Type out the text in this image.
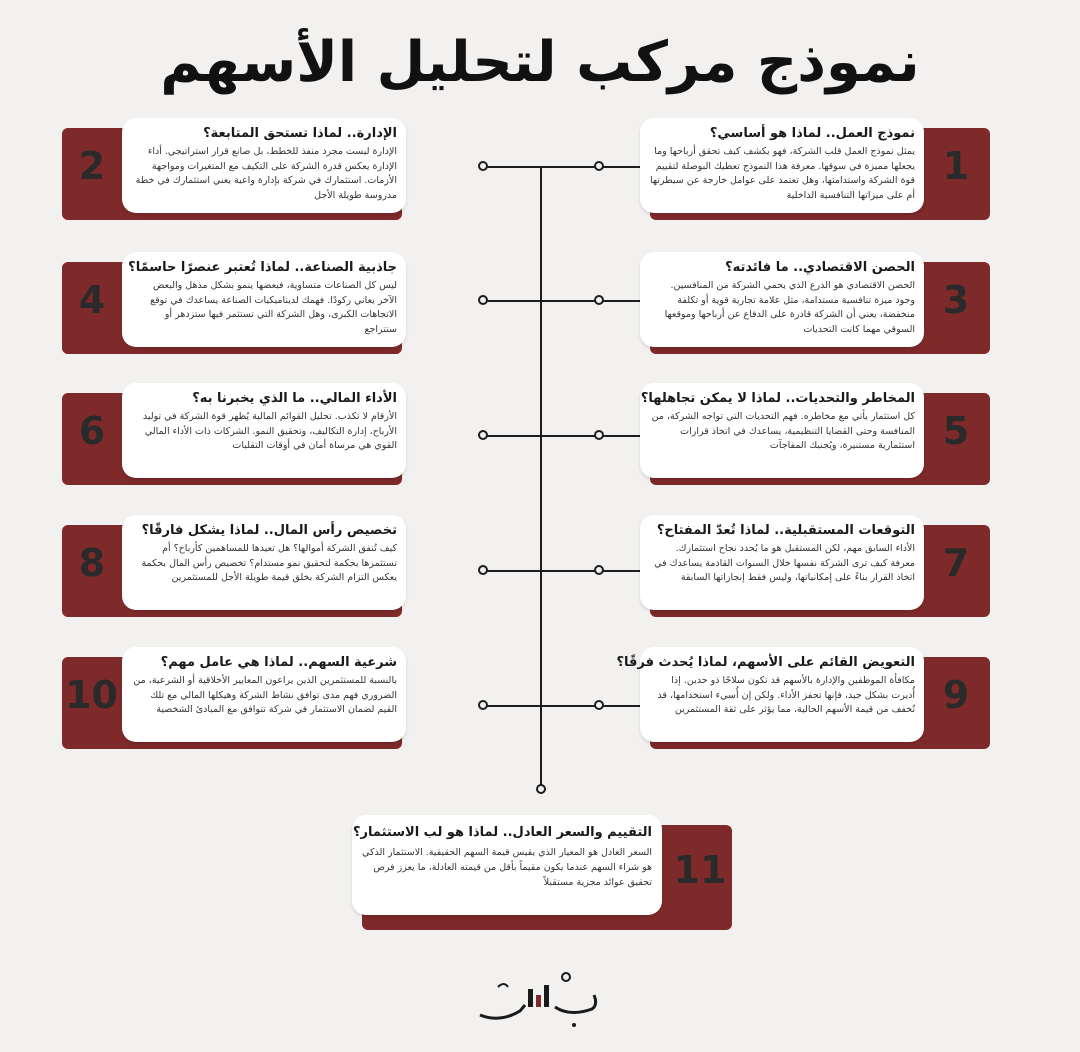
نموذج مركب لتحليل الأسهم
1
نموذج العمل.. لماذا هو أساسي؟
يمثل نموذج العمل قلب الشركة، فهو يكشف كيف تحقق أرباحها وما يجعلها مميزة في سوقها. معرفة هذا النموذج تعطيك البوصلة لتقييم قوة الشركة واستدامتها، وهل تعتمد على عوامل خارجة عن سيطرتها أم على ميزاتها التنافسية الداخلية
3
الحصن الاقتصادي.. ما فائدته؟
الحصن الاقتصادي هو الدرع الذي يحمي الشركة من المنافسين. وجود ميزة تنافسية مستدامة، مثل علامة تجارية قوية أو تكلفة منخفضة، يعني أن الشركة قادرة على الدفاع عن أرباحها وموقعها السوقي مهما كانت التحديات
5
المخاطر والتحديات.. لماذا لا يمكن تجاهلها؟
كل استثمار يأتي مع مخاطره. فهم التحديات التي تواجه الشركة، من المنافسة وحتى القضايا التنظيمية، يساعدك في اتخاذ قرارات استثمارية مستنيرة، ويُجنبك المفاجآت
7
التوقعات المستقبلية.. لماذا تُعدّ المفتاح؟
الأداء السابق مهم، لكن المستقبل هو ما يُحدد نجاح استثمارك. معرفة كيف ترى الشركة نفسها خلال السنوات القادمة يساعدك في اتخاذ القرار بناءً على إمكانياتها، وليس فقط إنجازاتها السابقة
9
التعويض القائم على الأسهم، لماذا يُحدث فرقًا؟
مكافأة الموظفين والإدارة بالأسهم قد تكون سلاحًا ذو حدين. إذا أُديرت بشكل جيد، فإنها تحفز الأداء. ولكن إن أُسيء استخدامها، قد تُخفف من قيمة الأسهم الحالية، مما يؤثر على ثقة المستثمرين
2
الإدارة.. لماذا تستحق المتابعة؟
الإدارة ليست مجرد منفذ للخطط، بل صانع قرار استراتيجي. أداء الإدارة يعكس قدرة الشركة على التكيف مع المتغيرات ومواجهة الأزمات. استثمارك في شركة بإدارة واعية يعني استثمارك في خطة مدروسة طويلة الأجل
4
جاذبية الصناعة.. لماذا تُعتبر عنصرًا حاسمًا؟
ليس كل الصناعات متساوية، فبعضها ينمو بشكل مذهل والبعض الآخر يعاني ركودًا. فهمك لديناميكيات الصناعة يساعدك في توقع الاتجاهات الكبرى، وهل الشركة التي تستثمر فيها ستزدهر أو ستتراجع
6
الأداء المالي.. ما الذي يخبرنا به؟
الأرقام لا تكذب. تحليل القوائم المالية يُظهر قوة الشركة في توليد الأرباح، إدارة التكاليف، وتحقيق النمو. الشركات ذات الأداء المالي القوي هي مرساة أمان في أوقات التقلبات
8
تخصيص رأس المال.. لماذا يشكل فارقًا؟
كيف تُنفق الشركة أموالها؟ هل تعيدها للمساهمين كأرباح؟ أم تستثمرها بحكمة لتحقيق نمو مستدام؟ تخصيص رأس المال بحكمة يعكس التزام الشركة بخلق قيمة طويلة الأجل للمستثمرين
10
شرعية السهم.. لماذا هي عامل مهم؟
بالنسبة للمستثمرين الذين يراعون المعايير الأخلاقية أو الشرعية، من الضروري فهم مدى توافق نشاط الشركة وهيكلها المالي مع تلك القيم لضمان الاستثمار في شركة تتوافق مع المبادئ الشخصية
11
التقييم والسعر العادل.. لماذا هو لب الاستثمار؟
السعر العادل هو المعيار الذي يقيس قيمة السهم الحقيقية. الاستثمار الذكي هو شراء السهم عندما يكون مقيماً بأقل من قيمته العادلة، ما يعزز فرص تحقيق عوائد مجزية مستقبلاً
